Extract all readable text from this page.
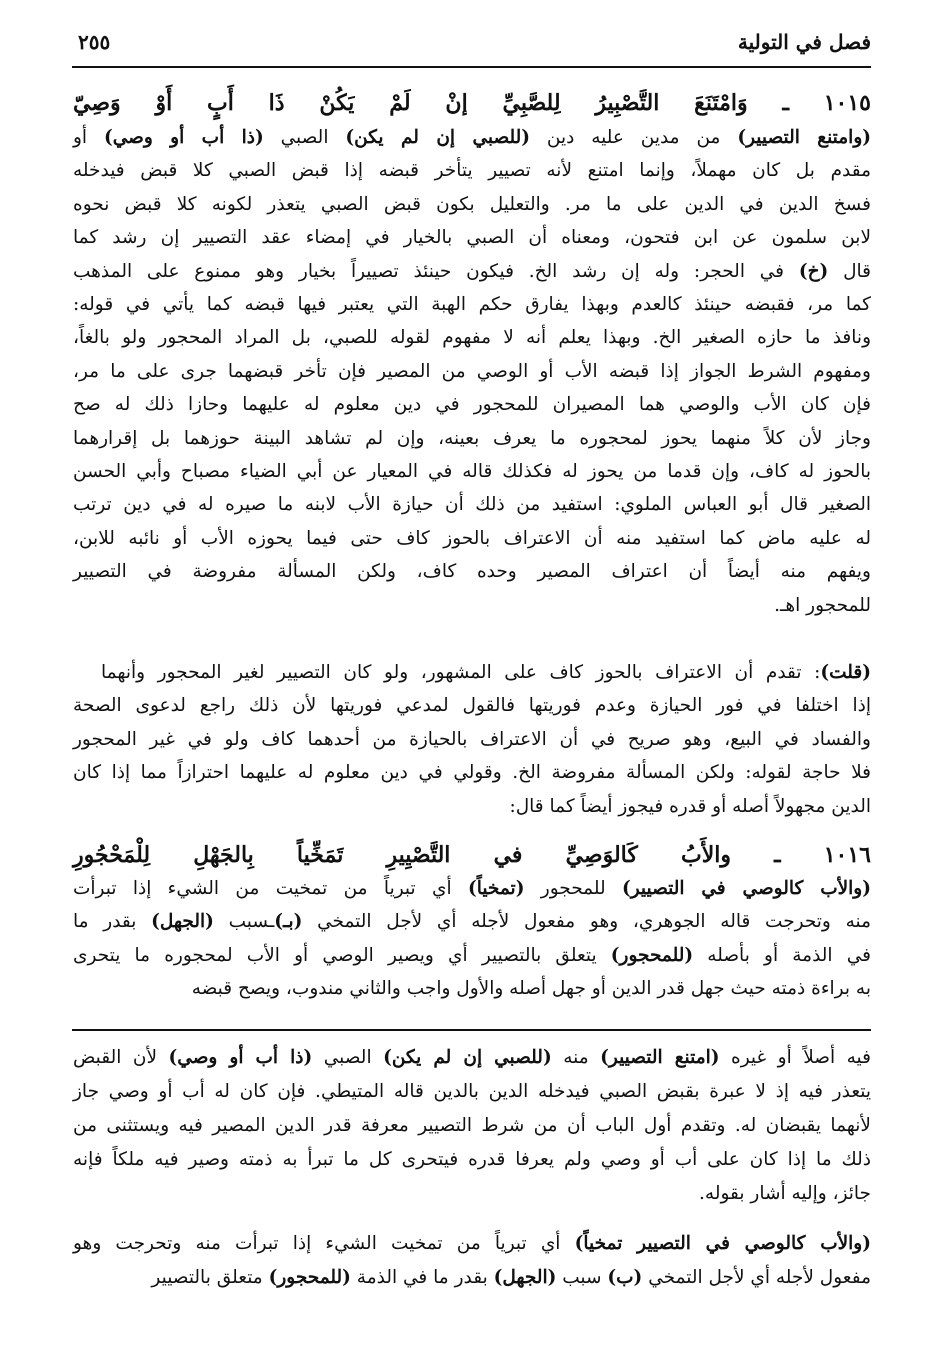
فصل في التولية
٢٥٥
١٠١٥ ـ وَامْتَنَعَ التَّصْبِيرُ لِلصَّبِيِّ إنْ لَمْ يَكُنْ ذَا أَبٍ أَوْ وَصِيّ
(وامتنع التصيير) من مدين عليه دين (للصبي إن لم يكن) الصبي (ذا أب أو وصي) أو
مقدم بل كان مهملاً، وإنما امتنع لأنه تصيير يتأخر قبضه إذا قبض الصبي كلا قبض فيدخله
فسخ الدين في الدين على ما مر. والتعليل بكون قبض الصبي يتعذر لكونه كلا قبض نحوه
لابن سلمون عن ابن فتحون، ومعناه أن الصبي بالخيار في إمضاء عقد التصيير إن رشد كما
قال (خ) في الحجر: وله إن رشد الخ. فيكون حينئذ تصييراً بخيار وهو ممنوع على المذهب
كما مر، فقبضه حينئذ كالعدم وبهذا يفارق حكم الهبة التي يعتبر فيها قبضه كما يأتي في قوله:
ونافذ ما حازه الصغير الخ. وبهذا يعلم أنه لا مفهوم لقوله للصبي، بل المراد المحجور ولو بالغاً،
ومفهوم الشرط الجواز إذا قبضه الأب أو الوصي من المصير فإن تأخر قبضهما جرى على ما مر،
فإن كان الأب والوصي هما المصيران للمحجور في دين معلوم له عليهما وحازا ذلك له صح
وجاز لأن كلاً منهما يحوز لمحجوره ما يعرف بعينه، وإن لم تشاهد البينة حوزهما بل إقرارهما
بالحوز له كاف، وإن قدما من يحوز له فكذلك قاله في المعيار عن أبي الضياء مصباح وأبي الحسن
الصغير قال أبو العباس الملوي: استفيد من ذلك أن حيازة الأب لابنه ما صيره له في دين ترتب
له عليه ماض كما استفيد منه أن الاعتراف بالحوز كاف حتى فيما يحوزه الأب أو نائبه للابن،
ويفهم منه أيضاً أن اعتراف المصير وحده كاف، ولكن المسألة مفروضة في التصيير
للمحجور اهـ.
(قلت): تقدم أن الاعتراف بالحوز كاف على المشهور، ولو كان التصيير لغير المحجور وأنهما
إذا اختلفا في فور الحيازة وعدم فوريتها فالقول لمدعي فوريتها لأن ذلك راجع لدعوى الصحة
والفساد في البيع، وهو صريح في أن الاعتراف بالحيازة من أحدهما كاف ولو في غير المحجور
فلا حاجة لقوله: ولكن المسألة مفروضة الخ. وقولي في دين معلوم له عليهما احترازاً مما إذا كان
الدين مجهولاً أصله أو قدره فيجوز أيضاً كما قال:
(والأب كالوصي في التصيير) للمحجور (تمخياً) أي تبرياً من تمخيت من الشيء إذا تبرأت
منه وتحرجت قاله الجوهري، وهو مفعول لأجله أي لأجل التمخي (بـ)ـسبب (الجهل) بقدر ما
في الذمة أو بأصله (للمحجور) يتعلق بالتصيير أي ويصير الوصي أو الأب لمحجوره ما يتحرى
به براءة ذمته حيث جهل قدر الدين أو جهل أصله والأول واجب والثاني مندوب، ويصح قبضه
١٠١٦ ـ والأَبُ كَالوَصِيِّ في التَّصْيِيرِ تَمَخِّياً بِالجَهْلِ لِلْمَحْجُورِ
فيه أصلاً أو غيره (امتنع التصيير) منه (للصبي إن لم يكن) الصبي (ذا أب أو وصي) لأن القبض
يتعذر فيه إذ لا عبرة بقبض الصبي فيدخله الدين بالدين قاله المتيطي. فإن كان له أب أو وصي جاز
لأنهما يقبضان له. وتقدم أول الباب أن من شرط التصيير معرفة قدر الدين المصير فيه ويستثنى من
ذلك ما إذا كان على أب أو وصي ولم يعرفا قدره فيتحرى كل ما تبرأ به ذمته وصير فيه ملكاً فإنه
جائز، وإليه أشار بقوله.
(والأب كالوصي في التصيير تمخياً) أي تبرياً من تمخيت الشيء إذا تبرأت منه وتحرجت وهو
مفعول لأجله أي لأجل التمخي (ب) سبب (الجهل) بقدر ما في الذمة (للمحجور) متعلق بالتصيير
